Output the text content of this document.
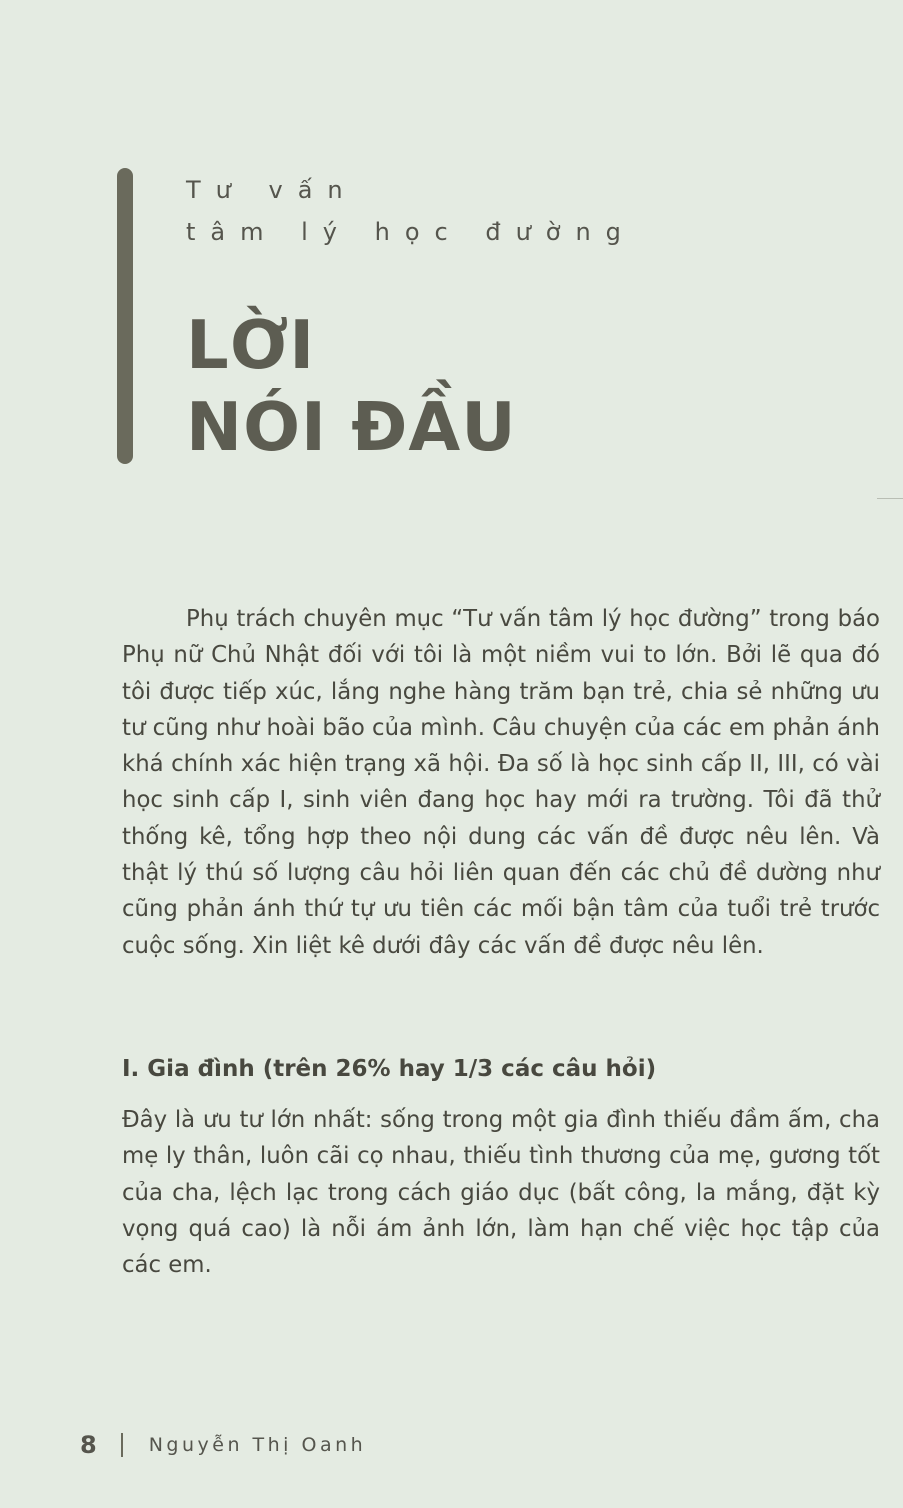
Tư vấn
tâm lý học đường
LỜI
NÓI ĐẦU

Phụ trách chuyên mục “Tư vấn tâm lý học đường” trong báo Phụ nữ Chủ Nhật đối với tôi là một niềm vui to lớn. Bởi lẽ qua đó tôi được tiếp xúc, lắng nghe hàng trăm bạn trẻ, chia sẻ những ưu tư cũng như hoài bão của mình. Câu chuyện của các em phản ánh khá chính xác hiện trạng xã hội. Đa số là học sinh cấp II, III, có vài học sinh cấp I, sinh viên đang học hay mới ra trường. Tôi đã thử thống kê, tổng hợp theo nội dung các vấn đề được nêu lên. Và thật lý thú số lượng câu hỏi liên quan đến các chủ đề dường như cũng phản ánh thứ tự ưu tiên các mối bận tâm của tuổi trẻ trước cuộc sống. Xin liệt kê dưới đây các vấn đề được nêu lên.

I. Gia đình (trên 26% hay 1/3 các câu hỏi)

Đây là ưu tư lớn nhất: sống trong một gia đình thiếu đầm ấm, cha mẹ ly thân, luôn cãi cọ nhau, thiếu tình thương của mẹ, gương tốt của cha, lệch lạc trong cách giáo dục (bất công, la mắng, đặt kỳ vọng quá cao) là nỗi ám ảnh lớn, làm hạn chế việc học tập của các em.

8	Nguyễn Thị Oanh
